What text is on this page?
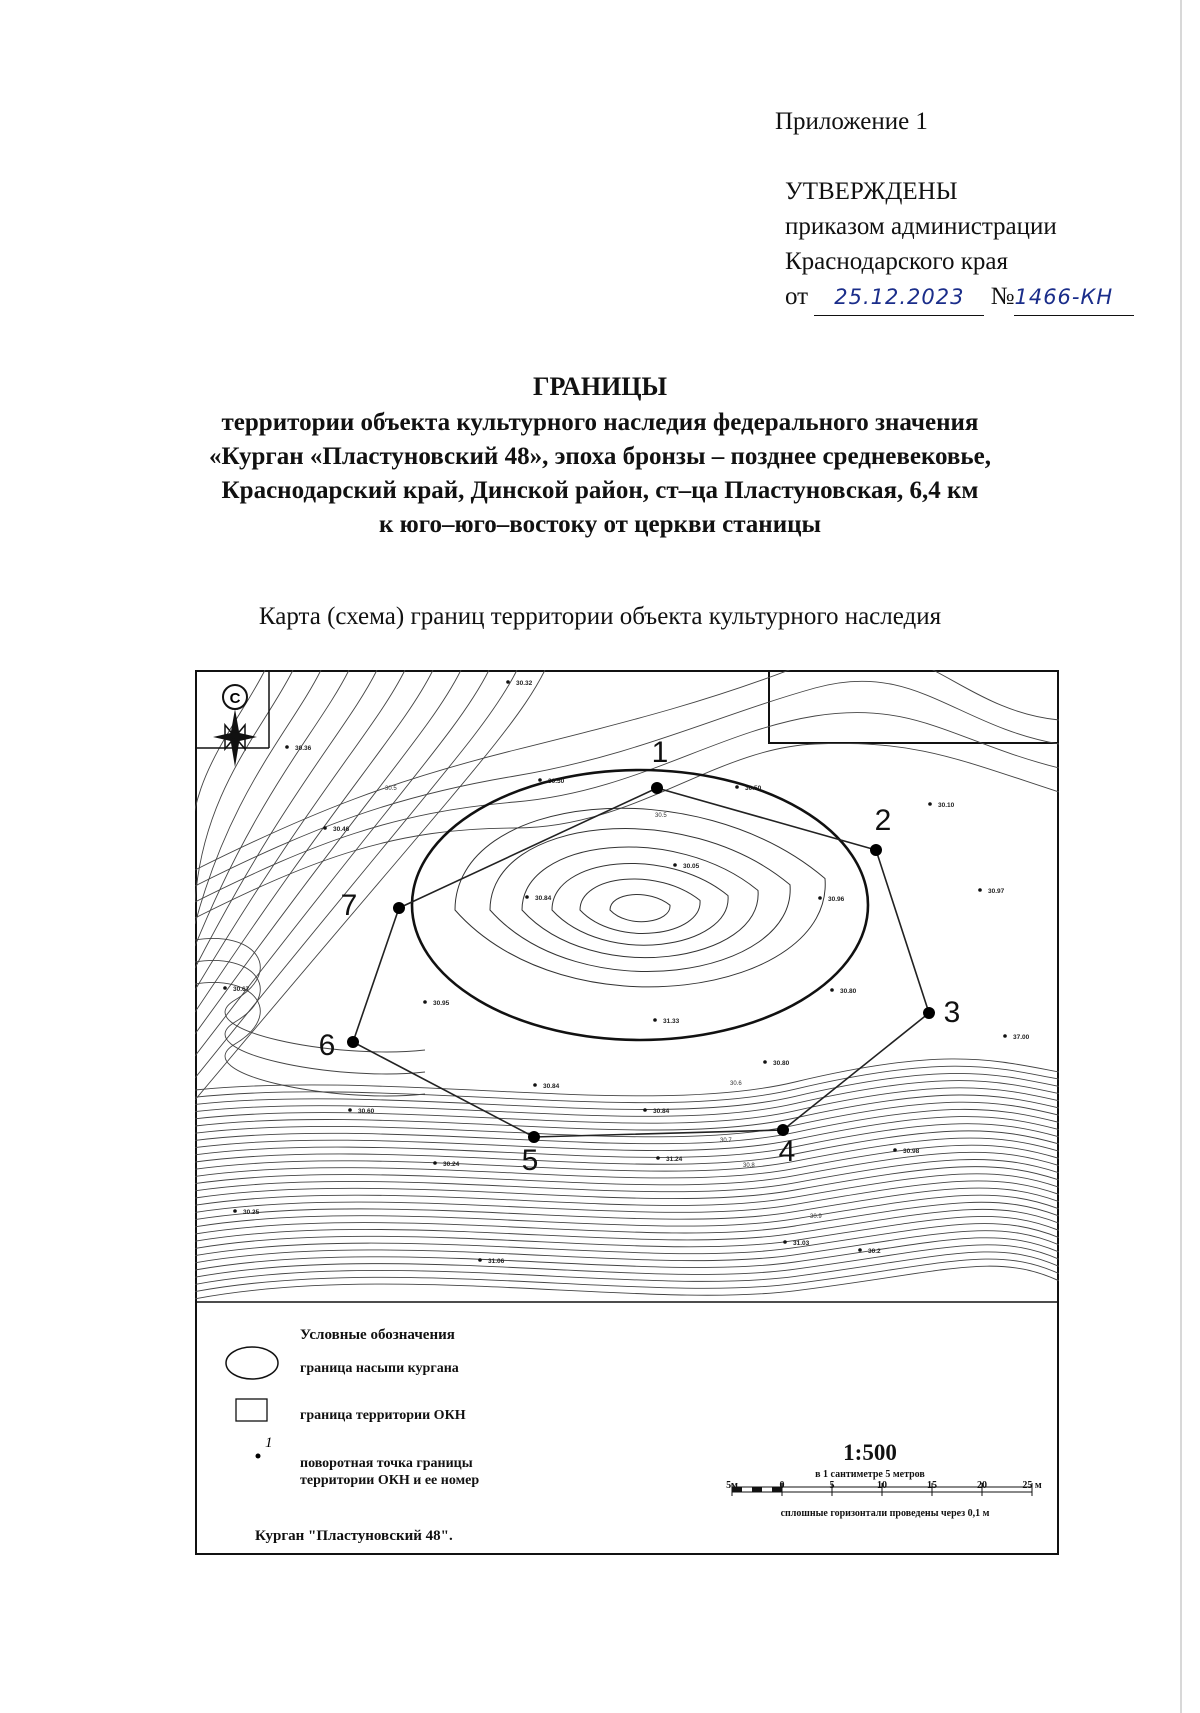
Приложение 1
УТВЕРЖДЕНЫ
приказом администрации
Краснодарского края
от 25.12.2023 №1466-КН
ГРАНИЦЫ
территории объекта культурного наследия федерального значения
«Курган «Пластуновский 48», эпоха бронзы – позднее средневековье,
Краснодарский край, Динской район, ст–ца Пластуновская, 6,4 км
к юго–юго–востоку от церкви станицы
Карта (схема) границ территории объекта культурного наследия
30.32
30.36
30.50
30.50
30.10
30.46
30.05
30.84	30.96
30.97
30.67
30.95
31.33
30.80
30.80
30.60
30.84
30.84
30.24
31.24
30.25
30.98
31.03
31.06
37.00
30.2
30.5
30.5
30.6
30.7
30.8
30.9
1
2
3
4
5
6
7
С
1
Условные обозначения
граница насыпи кургана
граница территории ОКН
поворотная точка границы
территории ОКН и ее номер
1:500
в 1 сантиметре 5 метров
5м	0	5	10	15	20	25 м
сплошные горизонтали проведены через 0,1 м
Курган "Пластуновский 48".
